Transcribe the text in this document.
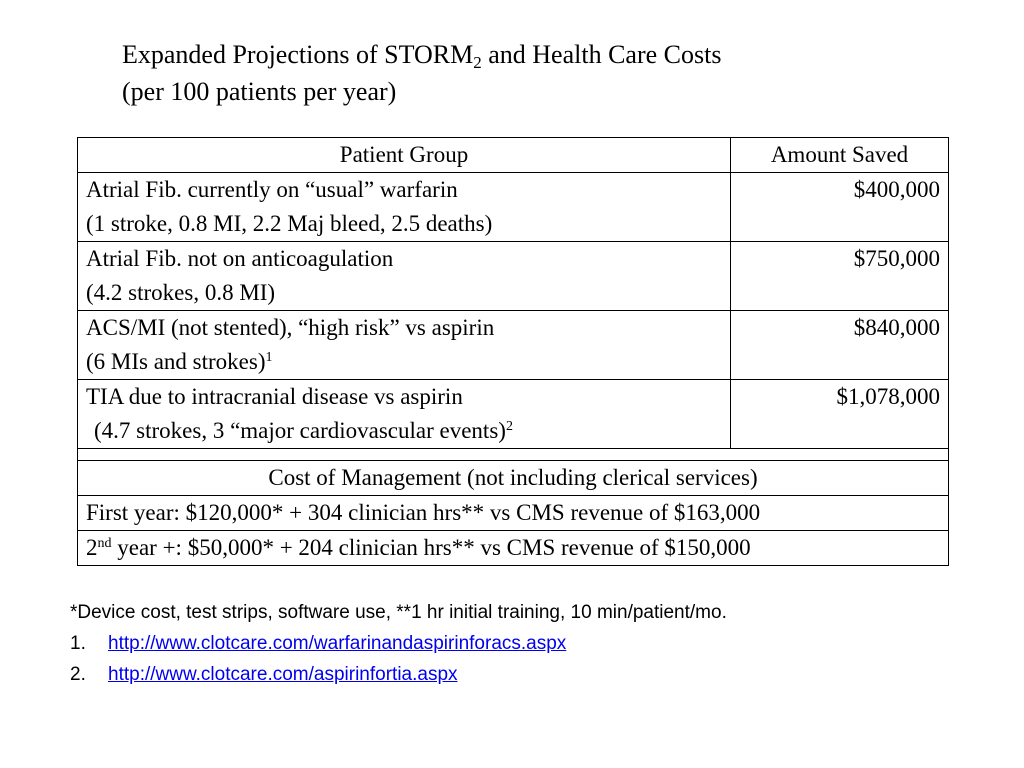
Expanded Projections of $STORM_2$ and Health Care Costs
(per 100 patients per year)
Patient Group	Amount Saved

Atrial Fib. currently on “usual” warfarin
(1 stroke, 0.8 MI, 2.2 Maj bleed, 2.5 deaths)	$400,000

Atrial Fib. not on anticoagulation
(4.2 strokes, 0.8 MI)	$750,000

ACS/MI (not stented), “high risk” vs aspirin
(6 MIs and strokes)$^1$	$840,000

TIA due to intracranial disease vs aspirin
(4.7 strokes, 3 “major cardiovascular events)$^2$	$1,078,000

Cost of Management (not including clerical services)	
First year: $120,000* + 304 clinician hrs** vs CMS revenue of $163,000	
2nd year +: $50,000* + 204 clinician hrs** vs CMS revenue of $150,000	
*Device cost, test strips, software use, **1 hr initial training, 10 min/patient/mo.
1.	http://www.clotcare.com/warfarinandaspirinforacs.aspx
2.	http://www.clotcare.com/aspirinfortia.aspx
